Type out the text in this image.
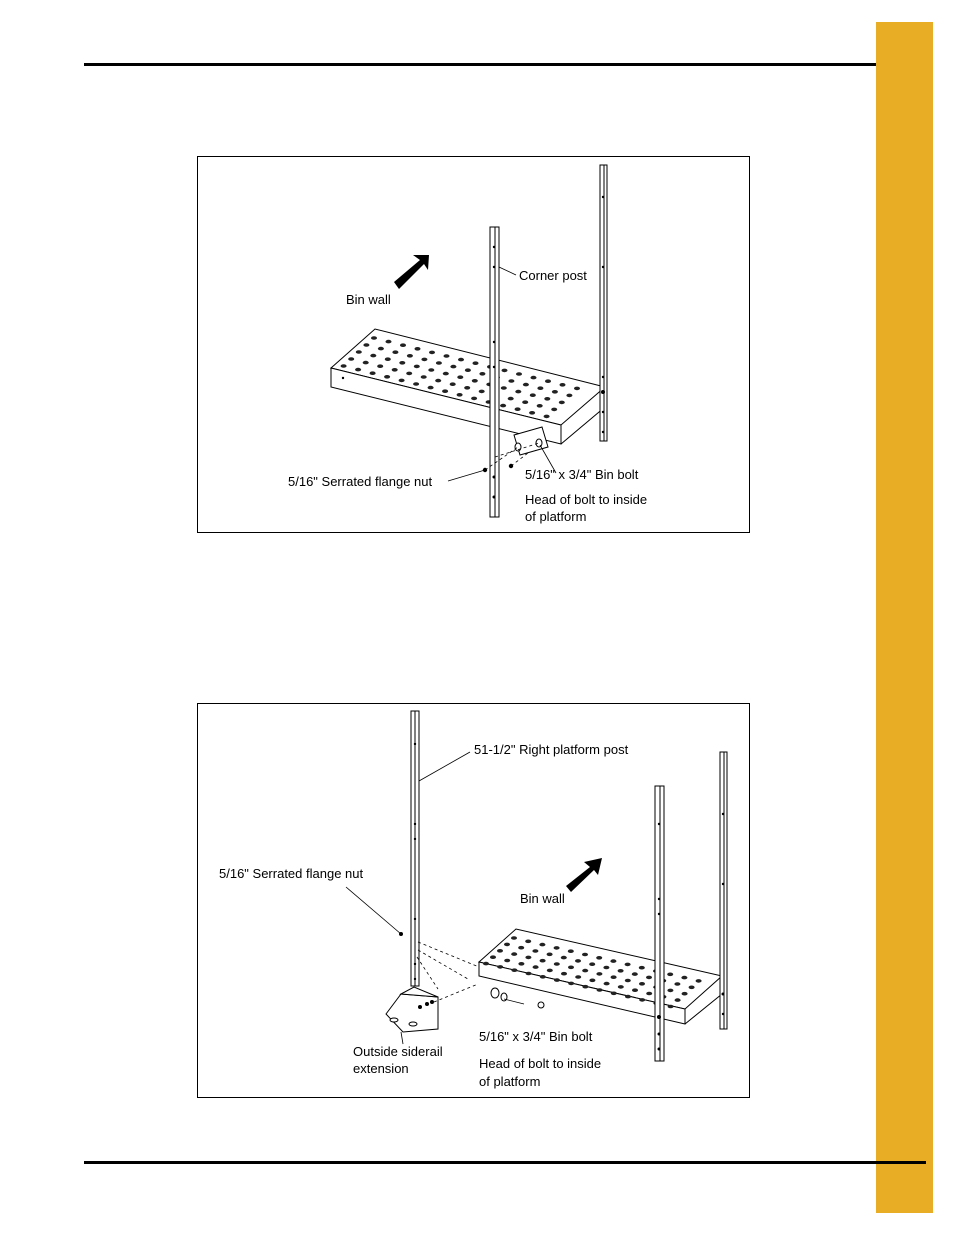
Corner post
Bin wall
5/16" Serrated flange nut	5/16" x 3/4" Bin bolt
Head of bolt to inside
of platform
51-1/2" Right platform post
5/16" Serrated flange nut
Bin wall
Outside siderail
extension
5/16" x 3/4" Bin bolt
Head of bolt to inside
of platform
